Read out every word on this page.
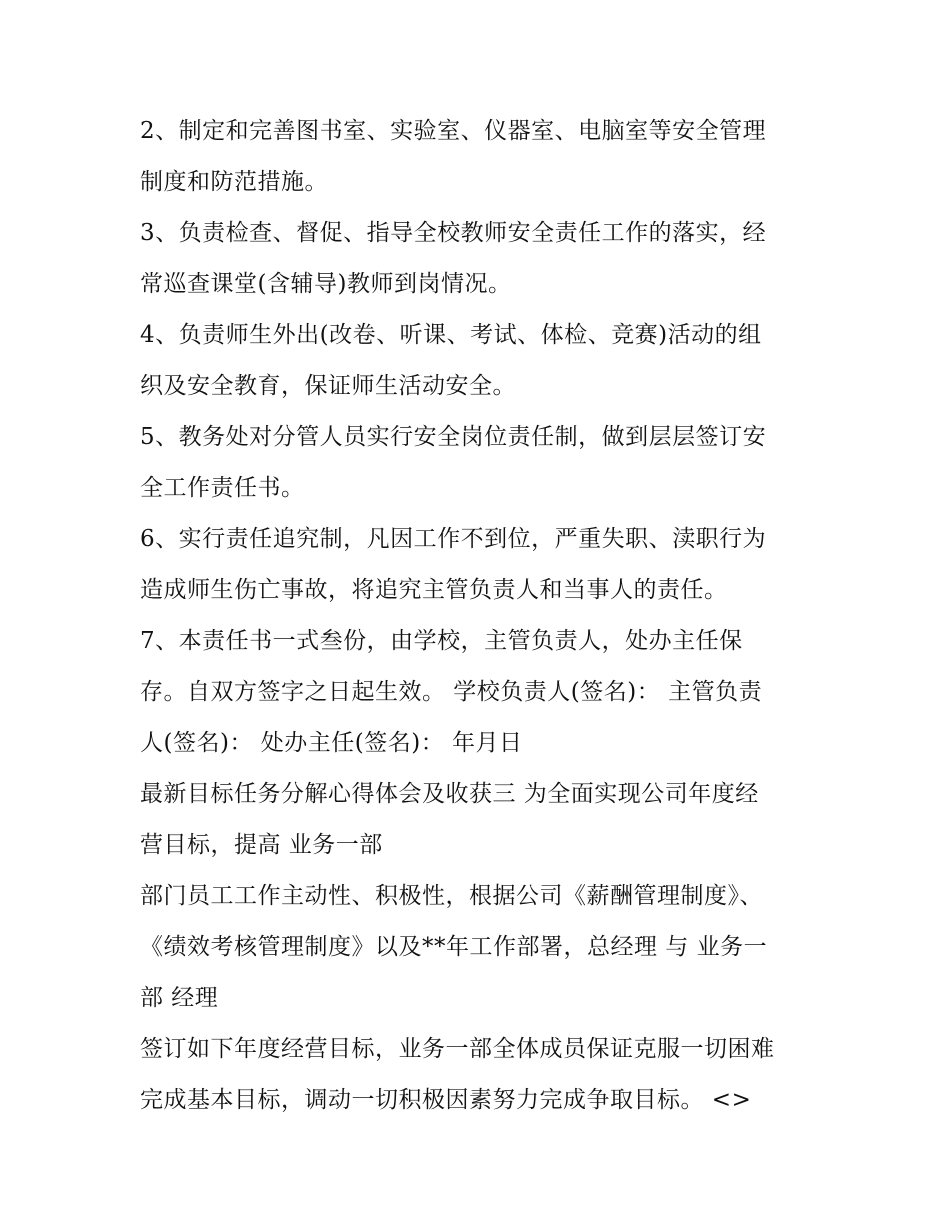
2、制定和完善图书室、实验室、仪器室、电脑室等安全管理
制度和防范措施。
3、负责检查、督促、指导全校教师安全责任工作的落实，经
常巡查课堂(含辅导)教师到岗情况。
4、负责师生外出(改卷、听课、考试、体检、竞赛)活动的组
织及安全教育，保证师生活动安全。
5、教务处对分管人员实行安全岗位责任制，做到层层签订安
全工作责任书。
6、实行责任追究制，凡因工作不到位，严重失职、渎职行为
造成师生伤亡事故，将追究主管负责人和当事人的责任。
7、本责任书一式叁份，由学校，主管负责人，处办主任保
存。自双方签字之日起生效。 学校负责人(签名)： 主管负责
人(签名)： 处办主任(签名)： 年月日
最新目标任务分解心得体会及收获三 为全面实现公司年度经
营目标，提高 业务一部
部门员工工作主动性、积极性，根据公司《薪酬管理制度》、
《绩效考核管理制度》以及**年工作部署，总经理 与 业务一
部 经理
签订如下年度经营目标，业务一部全体成员保证克服一切困难
完成基本目标，调动一切积极因素努力完成争取目标。 <>
